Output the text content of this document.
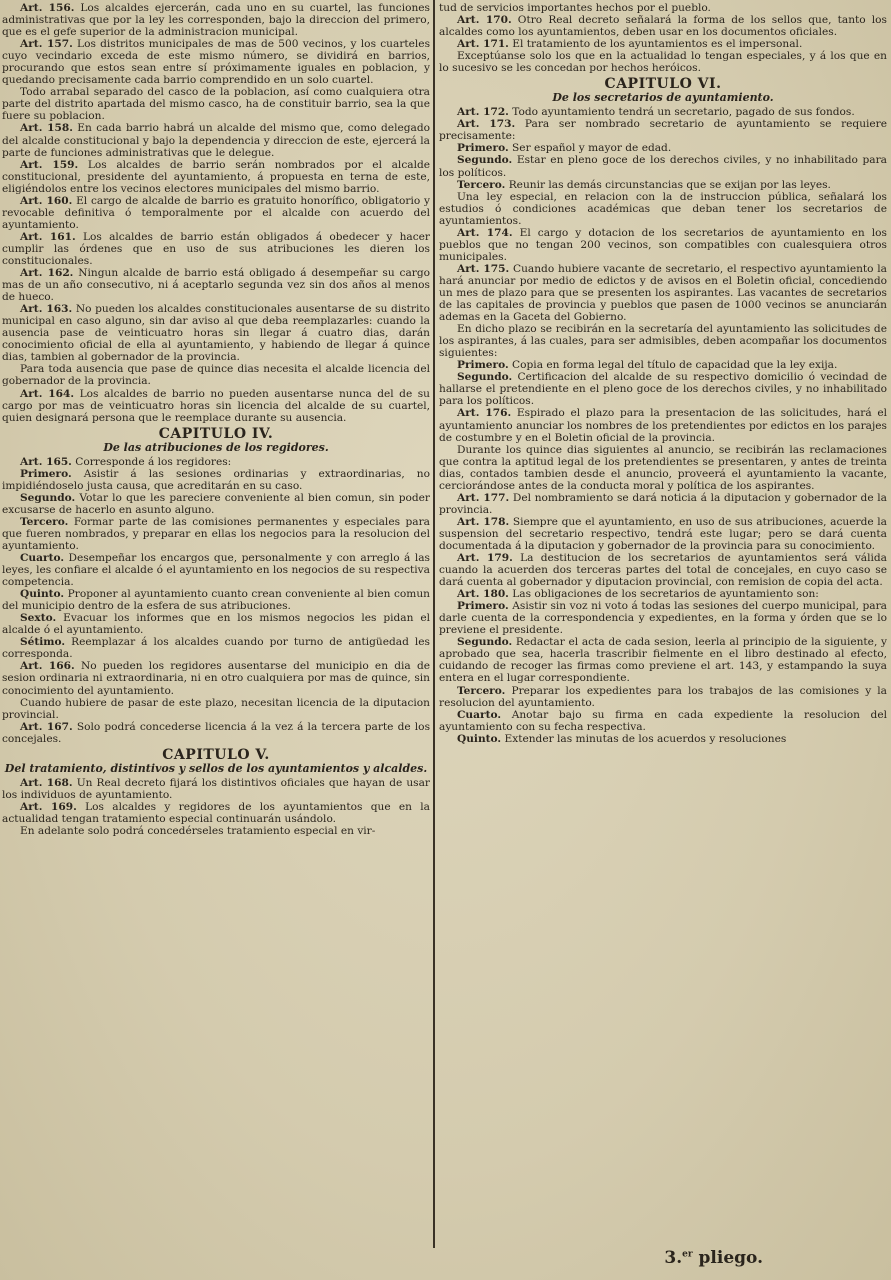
Art. 156. Los alcaldes ejercerán, cada uno en su cuartel, las funciones administrativas que por la ley les corresponden, bajo la direccion del primero, que es el gefe superior de la administracion municipal.

Art. 157. Los distritos municipales de mas de 500 vecinos, y los cuarteles cuyo vecindario exceda de este mismo número, se dividirá en barrios, procurando que estos sean entre sí próximamente iguales en poblacion, y quedando precisamente cada barrio comprendido en un solo cuartel.

Todo arrabal separado del casco de la poblacion, así como cualquiera otra parte del distrito apartada del mismo casco, ha de constituir barrio, sea la que fuere su poblacion.

Art. 158. En cada barrio habrá un alcalde del mismo que, como delegado del alcalde constitucional y bajo la dependencia y direccion de este, ejercerá la parte de funciones administrativas que le delegue.

Art. 159. Los alcaldes de barrio serán nombrados por el alcalde constitucional, presidente del ayuntamiento, á propuesta en terna de este, eligiéndolos entre los vecinos electores municipales del mismo barrio.

Art. 160. El cargo de alcalde de barrio es gratuito honorífico, obligatorio y revocable definitiva ó temporalmente por el alcalde con acuerdo del ayuntamiento.

Art. 161. Los alcaldes de barrio están obligados á obedecer y hacer cumplir las órdenes que en uso de sus atribuciones les dieren los constitucionales.

Art. 162. Ningun alcalde de barrio está obligado á desempeñar su cargo mas de un año consecutivo, ni á aceptarlo segunda vez sin dos años al menos de hueco.

Art. 163. No pueden los alcaldes constitucionales ausentarse de su distrito municipal en caso alguno, sin dar aviso al que deba reemplazarles: cuando la ausencia pase de veinticuatro horas sin llegar á cuatro dias, darán conocimiento oficial de ella al ayuntamiento, y habiendo de llegar á quince dias, tambien al gobernador de la provincia.

Para toda ausencia que pase de quince dias necesita el alcalde licencia del gobernador de la provincia.

Art. 164. Los alcaldes de barrio no pueden ausentarse nunca del de su cargo por mas de veinticuatro horas sin licencia del alcalde de su cuartel, quien designará persona que le reemplace durante su ausencia.

CAPITULO IV.
De las atribuciones de los regidores.

Art. 165. Corresponde á los regidores:

Primero. Asistir á las sesiones ordinarias y extraordinarias, no impidiéndoselo justa causa, que acreditarán en su caso.

Segundo. Votar lo que les pareciere conveniente al bien comun, sin poder excusarse de hacerlo en asunto alguno.

Tercero. Formar parte de las comisiones permanentes y especiales para que fueren nombrados, y preparar en ellas los negocios para la resolucion del ayuntamiento.

Cuarto. Desempeñar los encargos que, personalmente y con arreglo á las leyes, les confiare el alcalde ó el ayuntamiento en los negocios de su respectiva competencia.

Quinto. Proponer al ayuntamiento cuanto crean conveniente al bien comun del municipio dentro de la esfera de sus atribuciones.

Sexto. Evacuar los informes que en los mismos negocios les pidan el alcalde ó el ayuntamiento.

Sétimo. Reemplazar á los alcaldes cuando por turno de antigüedad les corresponda.

Art. 166. No pueden los regidores ausentarse del municipio en dia de sesion ordinaria ni extraordinaria, ni en otro cualquiera por mas de quince, sin conocimiento del ayuntamiento.

Cuando hubiere de pasar de este plazo, necesitan licencia de la diputacion provincial.

Art. 167. Solo podrá concederse licencia á la vez á la tercera parte de los concejales.

CAPITULO V.
Del tratamiento, distintivos y sellos de los ayuntamientos y alcaldes.

Art. 168. Un Real decreto fijará los distintivos oficiales que hayan de usar los individuos de ayuntamiento.

Art. 169. Los alcaldes y regidores de los ayuntamientos que en la actualidad tengan tratamiento especial continuarán usándolo.

En adelante solo podrá concedérseles tratamiento especial en vir-

tud de servicios importantes hechos por el pueblo.

Art. 170. Otro Real decreto señalará la forma de los sellos que, tanto los alcaldes como los ayuntamientos, deben usar en los documentos oficiales.

Art. 171. El tratamiento de los ayuntamientos es el impersonal.

Exceptúanse solo los que en la actualidad lo tengan especiales, y á los que en lo sucesivo se les concedan por hechos heróicos.

CAPITULO VI.
De los secretarios de ayuntamiento.

Art. 172. Todo ayuntamiento tendrá un secretario, pagado de sus fondos.

Art. 173. Para ser nombrado secretario de ayuntamiento se requiere precisamente:

Primero. Ser español y mayor de edad.

Segundo. Estar en pleno goce de los derechos civiles, y no inhabilitado para los políticos.

Tercero. Reunir las demás circunstancias que se exijan por las leyes.

Una ley especial, en relacion con la de instruccion pública, señalará los estudios ó condiciones académicas que deban tener los secretarios de ayuntamientos.

Art. 174. El cargo y dotacion de los secretarios de ayuntamiento en los pueblos que no tengan 200 vecinos, son compatibles con cualesquiera otros municipales.

Art. 175. Cuando hubiere vacante de secretario, el respectivo ayuntamiento la hará anunciar por medio de edictos y de avisos en el Boletin oficial, concediendo un mes de plazo para que se presenten los aspirantes. Las vacantes de secretarios de las capitales de provincia y pueblos que pasen de 1000 vecinos se anunciarán ademas en la Gaceta del Gobierno.

En dicho plazo se recibirán en la secretaría del ayuntamiento las solicitudes de los aspirantes, á las cuales, para ser admisibles, deben acompañar los documentos siguientes:

Primero. Copia en forma legal del título de capacidad que la ley exija.

Segundo. Certificacion del alcalde de su respectivo domicilio ó vecindad de hallarse el pretendiente en el pleno goce de los derechos civiles, y no inhabilitado para los políticos.

Art. 176. Espirado el plazo para la presentacion de las solicitudes, hará el ayuntamiento anunciar los nombres de los pretendientes por edictos en los parajes de costumbre y en el Boletin oficial de la provincia.

Durante los quince dias siguientes al anuncio, se recibirán las reclamaciones que contra la aptitud legal de los pretendientes se presentaren, y antes de treinta dias, contados tambien desde el anuncio, proveerá el ayuntamiento la vacante, cerciorándose antes de la conducta moral y política de los aspirantes.

Art. 177. Del nombramiento se dará noticia á la diputacion y gobernador de la provincia.

Art. 178. Siempre que el ayuntamiento, en uso de sus atribuciones, acuerde la suspension del secretario respectivo, tendrá este lugar; pero se dará cuenta documentada á la diputacion y gobernador de la provincia para su conocimiento.

Art. 179. La destitucion de los secretarios de ayuntamientos será válida cuando la acuerden dos terceras partes del total de concejales, en cuyo caso se dará cuenta al gobernador y diputacion provincial, con remision de copia del acta.

Art. 180. Las obligaciones de los secretarios de ayuntamiento son:

Primero. Asistir sin voz ni voto á todas las sesiones del cuerpo municipal, para darle cuenta de la correspondencia y expedientes, en la forma y órden que se lo previene el presidente.

Segundo. Redactar el acta de cada sesion, leerla al principio de la siguiente, y aprobado que sea, hacerla trascribir fielmente en el libro destinado al efecto, cuidando de recoger las firmas como previene el art. 143, y estampando la suya entera en el lugar correspondiente.

Tercero. Preparar los expedientes para los trabajos de las comisiones y la resolucion del ayuntamiento.

Cuarto. Anotar bajo su firma en cada expediente la resolucion del ayuntamiento con su fecha respectiva.

Quinto. Extender las minutas de los acuerdos y resoluciones

3.$^{er}$ pliego.
